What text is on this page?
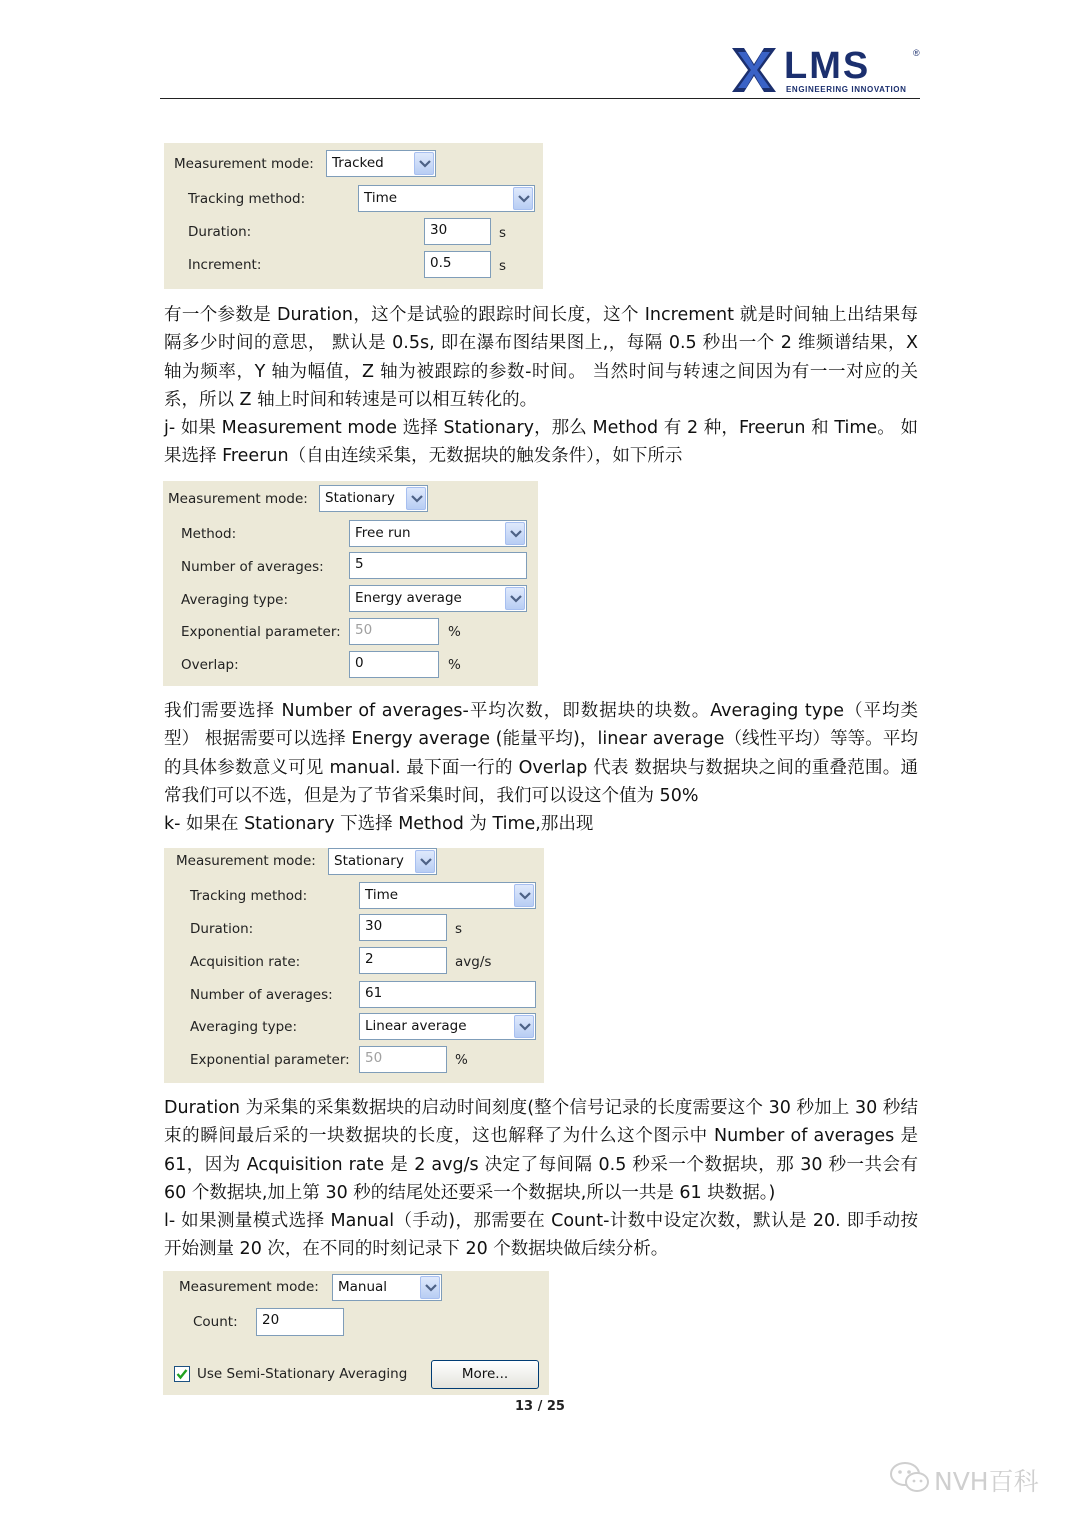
LMS	®
ENGINEERING INNOVATION
Measurement mode: Tracked
Tracking method:	Time
Duration:	30	s
Increment:	0.5	s

有一个参数是 Duration，这个是试验的跟踪时间长度，这个 Increment 就是时间轴上出结果每隔多少时间的意思， 默认是 0.5s, 即在瀑布图结果图上,，每隔 0.5 秒出一个 2 维频谱结果，X 轴为频率，Y 轴为幅值，Z 轴为被跟踪的参数-时间。 当然时间与转速之间因为有一一对应的关系，所以 Z 轴上时间和转速是可以相互转化的。

j- 如果 Measurement mode 选择 Stationary，那么 Method 有 2 种，Freerun 和 Time。 如果选择 Freerun（自由连续采集，无数据块的触发条件），如下所示

Measurement mode: Stationary
Method:	Free run
Number of averages:	5
Averaging type:	Energy average
Exponential parameter:	50	%
Overlap:	0	%

我们需要选择 Number of averages-平均次数，即数据块的块数。Averaging type（平均类型） 根据需要可以选择 Energy average (能量平均)，linear average（线性平均）等等。平均的具体参数意义可见 manual. 最下面一行的 Overlap 代表 数据块与数据块之间的重叠范围。通常我们可以不选，但是为了节省采集时间，我们可以设这个值为 50%

k- 如果在 Stationary 下选择 Method 为 Time,那出现

Measurement mode: Stationary
Tracking method:	Time
Duration:	30	s
Acquisition rate:	2	avg/s
Number of averages:	61
Averaging type:	Linear average
Exponential parameter:	50	%

Duration 为采集的采集数据块的启动时间刻度(整个信号记录的长度需要这个 30 秒加上 30 秒结束的瞬间最后采的一块数据块的长度，这也解释了为什么这个图示中 Number of averages 是 61，因为 Acquisition rate 是 2 avg/s 决定了每间隔 0.5 秒采一个数据块，那 30 秒一共会有 60 个数据块,加上第 30 秒的结尾处还要采一个数据块,所以一共是 61 块数据。)

l- 如果测量模式选择 Manual（手动)，那需要在 Count-计数中设定次数，默认是 20. 即手动按开始测量 20 次，在不同的时刻记录下 20 个数据块做后续分析。

Measurement mode: Manual
Count:	20
Use Semi-Stationary Averaging	More...
13 / 25
NVH百科
